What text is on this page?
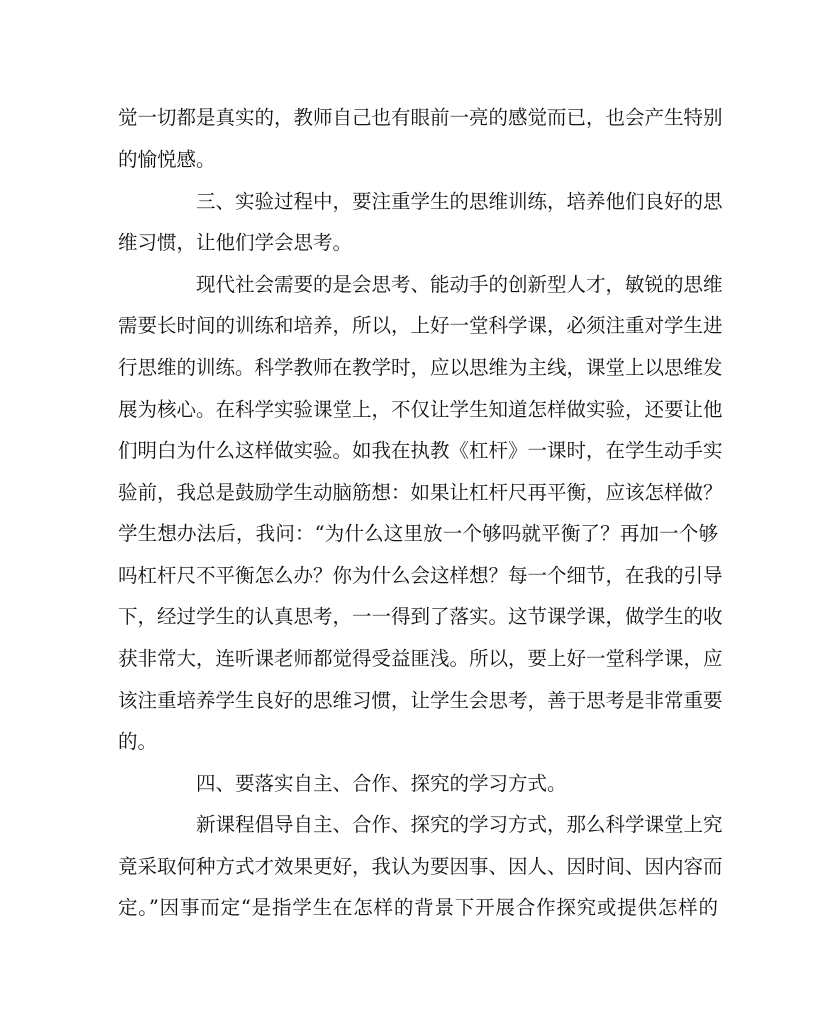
觉一切都是真实的，教师自己也有眼前一亮的感觉而已，也会产生特别
的愉悦感。
三、实验过程中，要注重学生的思维训练，培养他们良好的思
维习惯，让他们学会思考。
现代社会需要的是会思考、能动手的创新型人才，敏锐的思维
需要长时间的训练和培养，所以，上好一堂科学课，必须注重对学生进
行思维的训练。科学教师在教学时，应以思维为主线，课堂上以思维发
展为核心。在科学实验课堂上，不仅让学生知道怎样做实验，还要让他
们明白为什么这样做实验。如我在执教《杠杆》一课时，在学生动手实
验前，我总是鼓励学生动脑筋想：如果让杠杆尺再平衡，应该怎样做？
学生想办法后，我问：“为什么这里放一个够吗就平衡了？再加一个够
吗杠杆尺不平衡怎么办？你为什么会这样想？每一个细节，在我的引导
下，经过学生的认真思考，一一得到了落实。这节课学课，做学生的收
获非常大，连听课老师都觉得受益匪浅。所以，要上好一堂科学课，应
该注重培养学生良好的思维习惯，让学生会思考，善于思考是非常重要
的。
四、要落实自主、合作、探究的学习方式。
新课程倡导自主、合作、探究的学习方式，那么科学课堂上究
竟采取何种方式才效果更好，我认为要因事、因人、因时间、因内容而
定。”因事而定“是指学生在怎样的背景下开展合作探究或提供怎样的
